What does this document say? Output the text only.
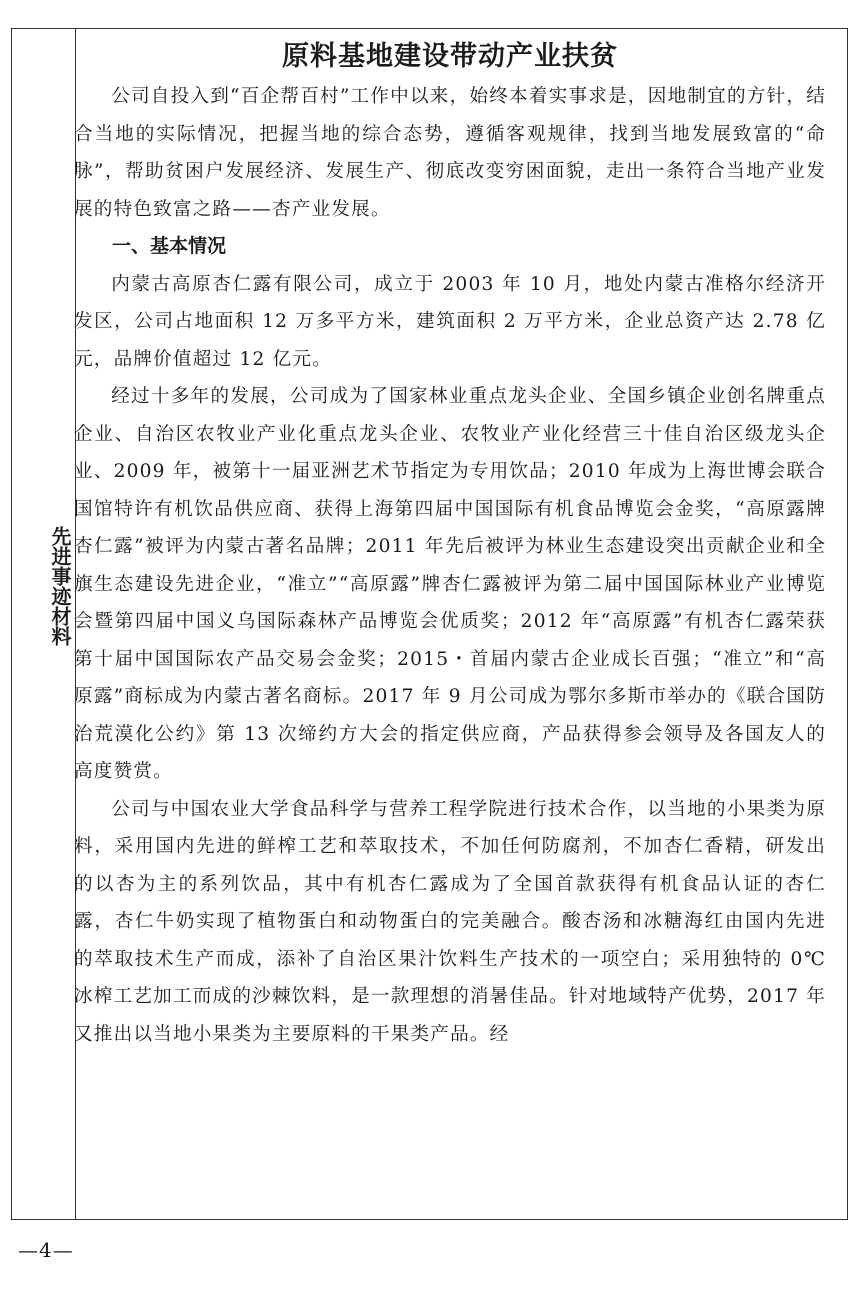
先进事迹材料
原料基地建设带动产业扶贫

公司自投入到“百企帮百村”工作中以来，始终本着实事求是，因地制宜的方针，结合当地的实际情况，把握当地的综合态势，遵循客观规律，找到当地发展致富的“命脉”，帮助贫困户发展经济、发展生产、彻底改变穷困面貌，走出一条符合当地产业发展的特色致富之路——杏产业发展。

一、基本情况

内蒙古高原杏仁露有限公司，成立于 2003 年 10 月，地处内蒙古准格尔经济开发区，公司占地面积 12 万多平方米，建筑面积 2 万平方米，企业总资产达 2.78 亿元，品牌价值超过 12 亿元。

经过十多年的发展，公司成为了国家林业重点龙头企业、全国乡镇企业创名牌重点企业、自治区农牧业产业化重点龙头企业、农牧业产业化经营三十佳自治区级龙头企业、2009 年，被第十一届亚洲艺术节指定为专用饮品；2010 年成为上海世博会联合国馆特许有机饮品供应商、获得上海第四届中国国际有机食品博览会金奖，“高原露牌杏仁露”被评为内蒙古著名品牌；2011 年先后被评为林业生态建设突出贡献企业和全旗生态建设先进企业，“准立”“高原露”牌杏仁露被评为第二届中国国际林业产业博览会暨第四届中国义乌国际森林产品博览会优质奖；2012 年“高原露”有机杏仁露荣获第十届中国国际农产品交易会金奖；2015・首届内蒙古企业成长百强；“准立”和“高原露”商标成为内蒙古著名商标。2017 年 9 月公司成为鄂尔多斯市举办的《联合国防治荒漠化公约》第 13 次缔约方大会的指定供应商，产品获得参会领导及各国友人的高度赞赏。

公司与中国农业大学食品科学与营养工程学院进行技术合作，以当地的小果类为原料，采用国内先进的鲜榨工艺和萃取技术，不加任何防腐剂，不加杏仁香精，研发出的以杏为主的系列饮品，其中有机杏仁露成为了全国首款获得有机食品认证的杏仁露，杏仁牛奶实现了植物蛋白和动物蛋白的完美融合。酸杏汤和冰糖海红由国内先进的萃取技术生产而成，添补了自治区果汁饮料生产技术的一项空白；采用独特的 0℃冰榨工艺加工而成的沙棘饮料，是一款理想的消暑佳品。针对地域特产优势，2017 年又推出以当地小果类为主要原料的干果类产品。经

—4—
